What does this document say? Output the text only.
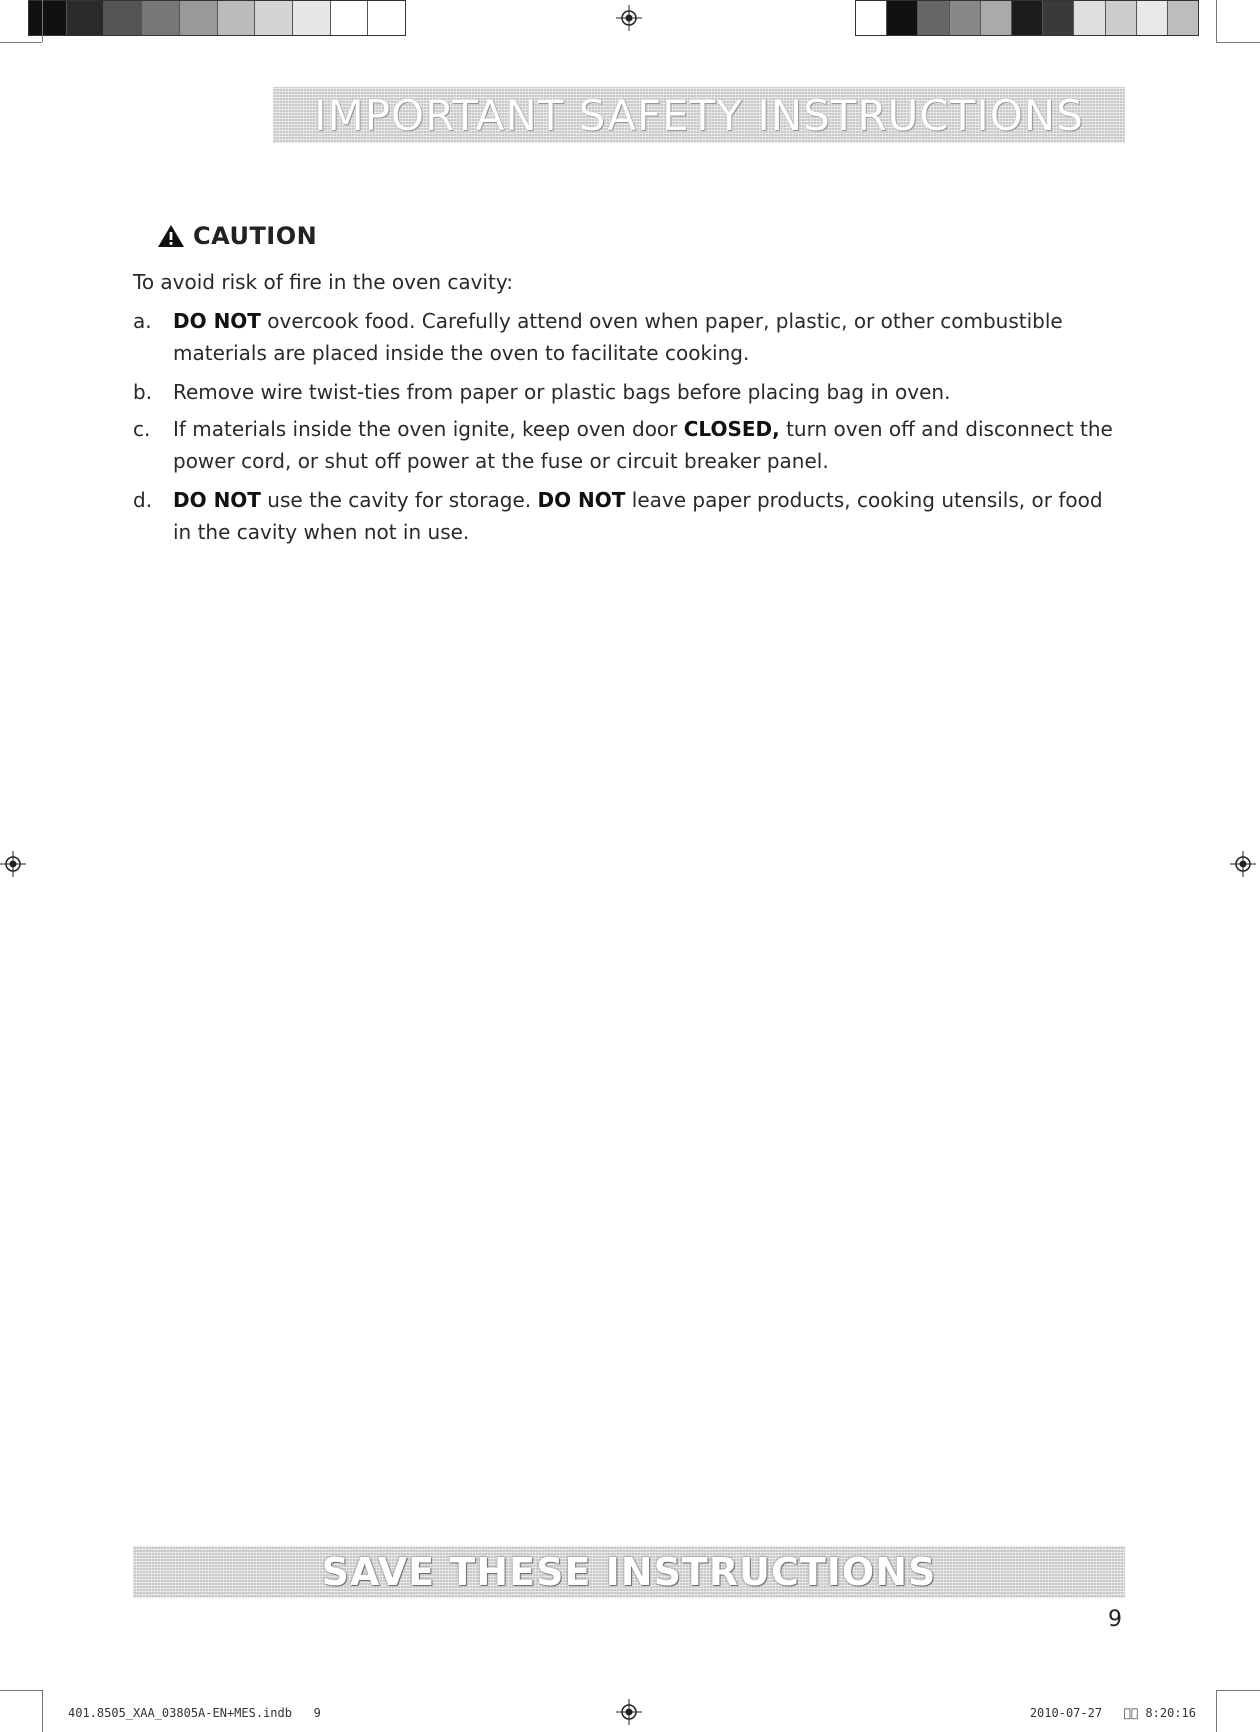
IMPORTANT SAFETY INSTRUCTIONS
CAUTION
To avoid risk of fire in the oven cavity:
a.	DO NOT overcook food. Carefully attend oven when paper, plastic, or other combustible materials are placed inside the oven to facilitate cooking.
b.	Remove wire twist-ties from paper or plastic bags before placing bag in oven.
c.	If materials inside the oven ignite, keep oven door CLOSED, turn oven off and disconnect the power cord, or shut off power at the fuse or circuit breaker panel.
d.	DO NOT use the cavity for storage. DO NOT leave paper products, cooking utensils, or food in the cavity when not in use.
SAVE THESE INSTRUCTIONS
9
401.8505_XAA_03805A-EN+MES.indb   9	2010-07-27   ￿￿ 8:20:16
